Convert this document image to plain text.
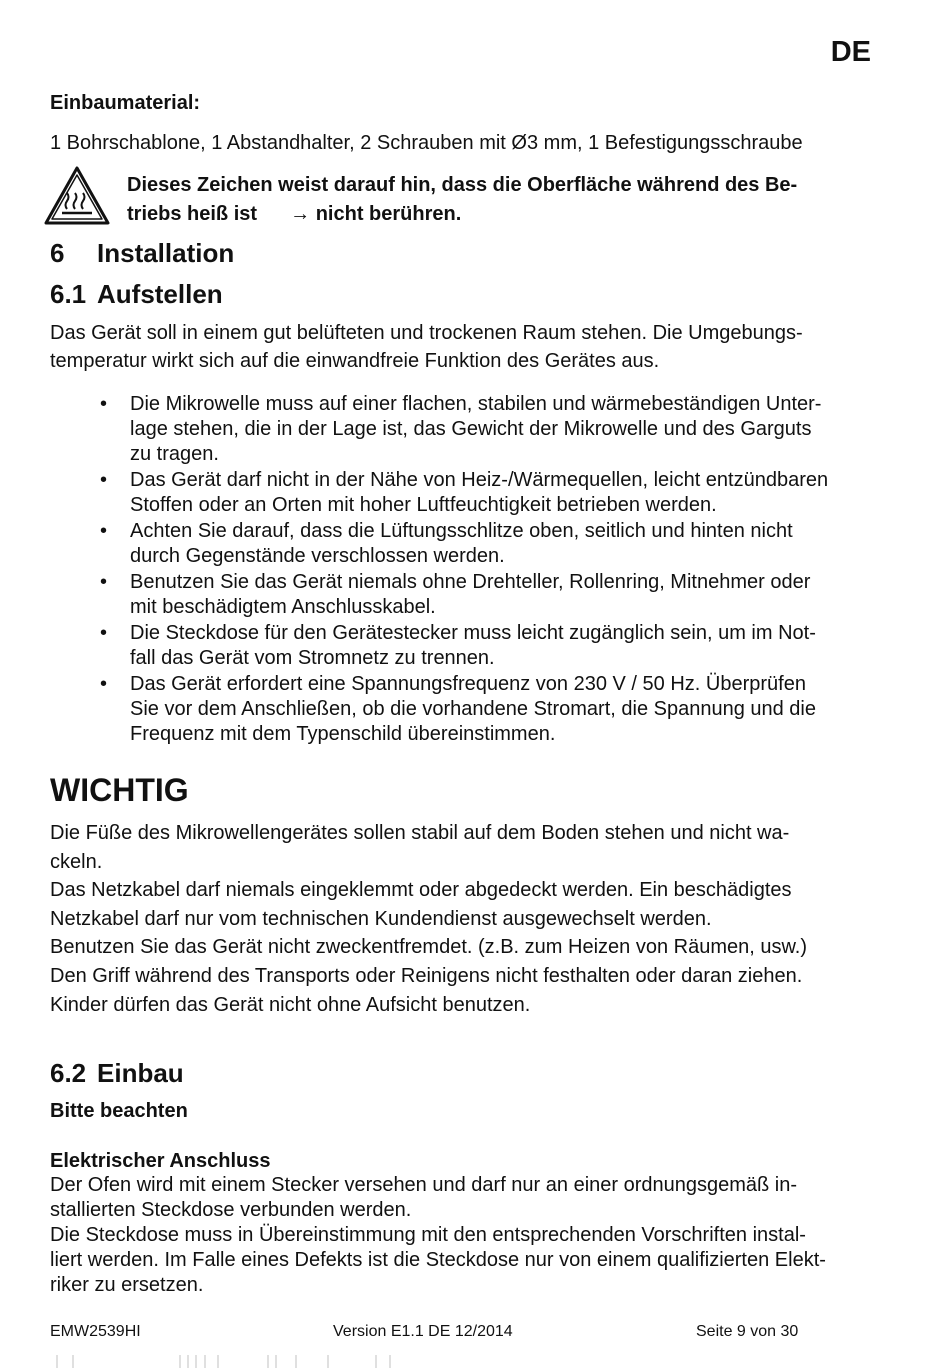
DE
Einbaumaterial:
1 Bohrschablone, 1 Abstandhalter, 2 Schrauben mit Ø3 mm, 1 Befestigungsschraube
Dieses Zeichen weist darauf hin, dass die Oberfläche während des Be-
triebs heiß ist → nicht berühren.
6 Installation
6.1 Aufstellen
Das Gerät soll in einem gut belüfteten und trockenen Raum stehen. Die Umgebungs-
temperatur wirkt sich auf die einwandfreie Funktion des Gerätes aus.
• Die Mikrowelle muss auf einer flachen, stabilen und wärmebeständigen Unter-
lage stehen, die in der Lage ist, das Gewicht der Mikrowelle und des Garguts
zu tragen.
• Das Gerät darf nicht in der Nähe von Heiz-/Wärmequellen, leicht entzündbaren
Stoffen oder an Orten mit hoher Luftfeuchtigkeit betrieben werden.
• Achten Sie darauf, dass die Lüftungsschlitze oben, seitlich und hinten nicht
durch Gegenstände verschlossen werden.
• Benutzen Sie das Gerät niemals ohne Drehteller, Rollenring, Mitnehmer oder
mit beschädigtem Anschlusskabel.
• Die Steckdose für den Gerätestecker muss leicht zugänglich sein, um im Not-
fall das Gerät vom Stromnetz zu trennen.
• Das Gerät erfordert eine Spannungsfrequenz von 230 V / 50 Hz. Überprüfen
Sie vor dem Anschließen, ob die vorhandene Stromart, die Spannung und die
Frequenz mit dem Typenschild übereinstimmen.
WICHTIG
Die Füße des Mikrowellengerätes sollen stabil auf dem Boden stehen und nicht wa-
ckeln.
Das Netzkabel darf niemals eingeklemmt oder abgedeckt werden. Ein beschädigtes
Netzkabel darf nur vom technischen Kundendienst ausgewechselt werden.
Benutzen Sie das Gerät nicht zweckentfremdet. (z.B. zum Heizen von Räumen, usw.)
Den Griff während des Transports oder Reinigens nicht festhalten oder daran ziehen.
Kinder dürfen das Gerät nicht ohne Aufsicht benutzen.
6.2 Einbau
Bitte beachten
Elektrischer Anschluss
Der Ofen wird mit einem Stecker versehen und darf nur an einer ordnungsgemäß in-
stallierten Steckdose verbunden werden.
Die Steckdose muss in Übereinstimmung mit den entsprechenden Vorschriften instal-
liert werden. Im Falle eines Defekts ist die Steckdose nur von einem qualifizierten Elekt-
riker zu ersetzen.
EMW2539HI	Version E1.1 DE 12/2014	Seite 9 von 30
